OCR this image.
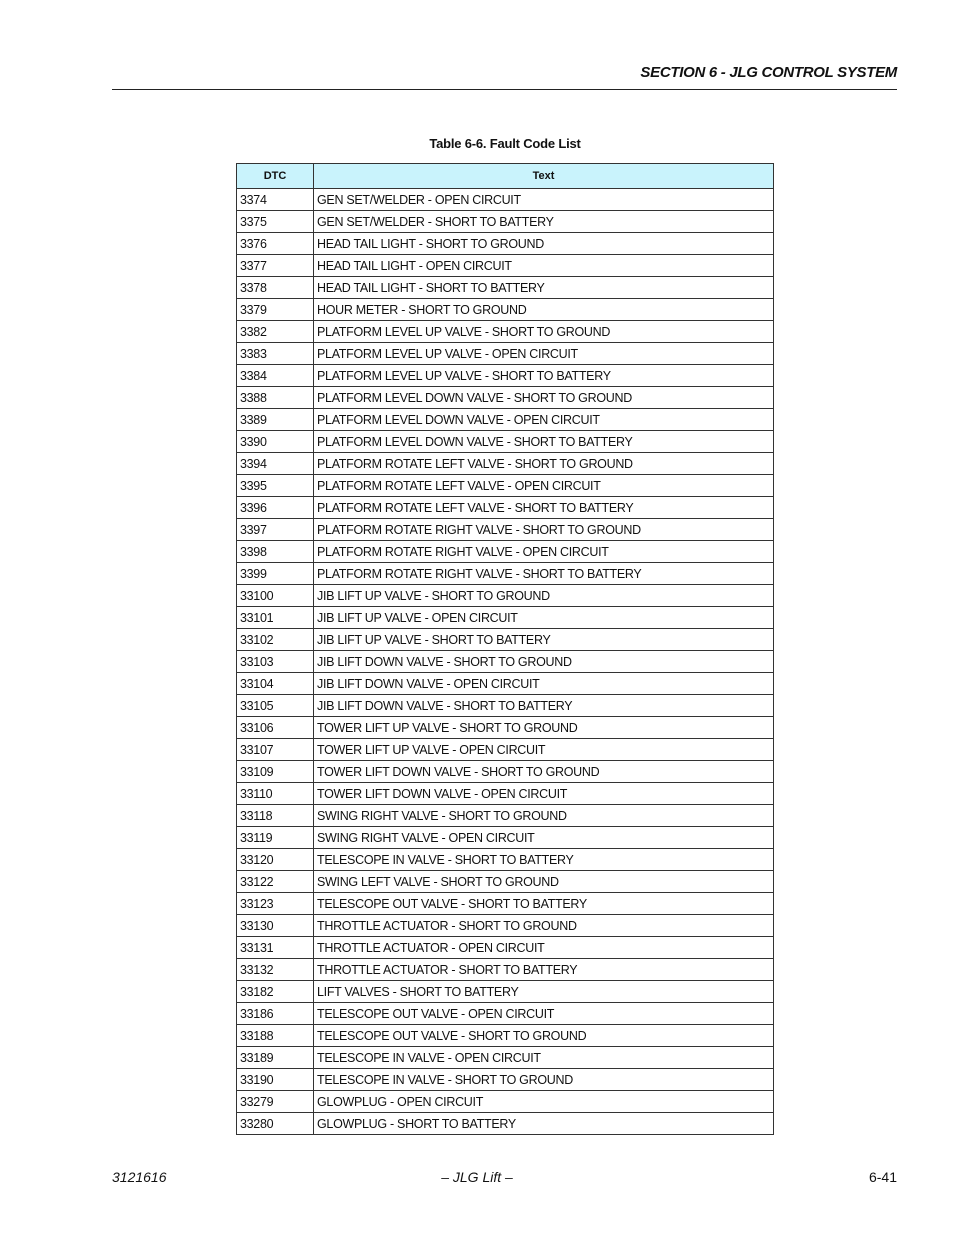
SECTION 6 - JLG CONTROL SYSTEM
Table 6-6. Fault Code List
DTC	Text
3374	GEN SET/WELDER - OPEN CIRCUIT
3375	GEN SET/WELDER - SHORT TO BATTERY
3376	HEAD TAIL LIGHT - SHORT TO GROUND
3377	HEAD TAIL LIGHT - OPEN CIRCUIT
3378	HEAD TAIL LIGHT - SHORT TO BATTERY
3379	HOUR METER - SHORT TO GROUND
3382	PLATFORM LEVEL UP VALVE - SHORT TO GROUND
3383	PLATFORM LEVEL UP VALVE - OPEN CIRCUIT
3384	PLATFORM LEVEL UP VALVE - SHORT TO BATTERY
3388	PLATFORM LEVEL DOWN VALVE - SHORT TO GROUND
3389	PLATFORM LEVEL DOWN VALVE - OPEN CIRCUIT
3390	PLATFORM LEVEL DOWN VALVE - SHORT TO BATTERY
3394	PLATFORM ROTATE LEFT VALVE - SHORT TO GROUND
3395	PLATFORM ROTATE LEFT VALVE - OPEN CIRCUIT
3396	PLATFORM ROTATE LEFT VALVE - SHORT TO BATTERY
3397	PLATFORM ROTATE RIGHT VALVE - SHORT TO GROUND
3398	PLATFORM ROTATE RIGHT VALVE - OPEN CIRCUIT
3399	PLATFORM ROTATE RIGHT VALVE - SHORT TO BATTERY
33100	JIB LIFT UP VALVE - SHORT TO GROUND
33101	JIB LIFT UP VALVE - OPEN CIRCUIT
33102	JIB LIFT UP VALVE - SHORT TO BATTERY
33103	JIB LIFT DOWN VALVE - SHORT TO GROUND
33104	JIB LIFT DOWN VALVE - OPEN CIRCUIT
33105	JIB LIFT DOWN VALVE - SHORT TO BATTERY
33106	TOWER LIFT UP VALVE - SHORT TO GROUND
33107	TOWER LIFT UP VALVE - OPEN CIRCUIT
33109	TOWER LIFT DOWN VALVE - SHORT TO GROUND
33110	TOWER LIFT DOWN VALVE - OPEN CIRCUIT
33118	SWING RIGHT VALVE - SHORT TO GROUND
33119	SWING RIGHT VALVE - OPEN CIRCUIT
33120	TELESCOPE IN VALVE - SHORT TO BATTERY
33122	SWING LEFT VALVE - SHORT TO GROUND
33123	TELESCOPE OUT VALVE - SHORT TO BATTERY
33130	THROTTLE ACTUATOR - SHORT TO GROUND
33131	THROTTLE ACTUATOR - OPEN CIRCUIT
33132	THROTTLE ACTUATOR - SHORT TO BATTERY
33182	LIFT VALVES - SHORT TO BATTERY
33186	TELESCOPE OUT VALVE - OPEN CIRCUIT
33188	TELESCOPE OUT VALVE - SHORT TO GROUND
33189	TELESCOPE IN VALVE - OPEN CIRCUIT
33190	TELESCOPE IN VALVE - SHORT TO GROUND
33279	GLOWPLUG - OPEN CIRCUIT
33280	GLOWPLUG - SHORT TO BATTERY
3121616	– JLG Lift –	6-41
